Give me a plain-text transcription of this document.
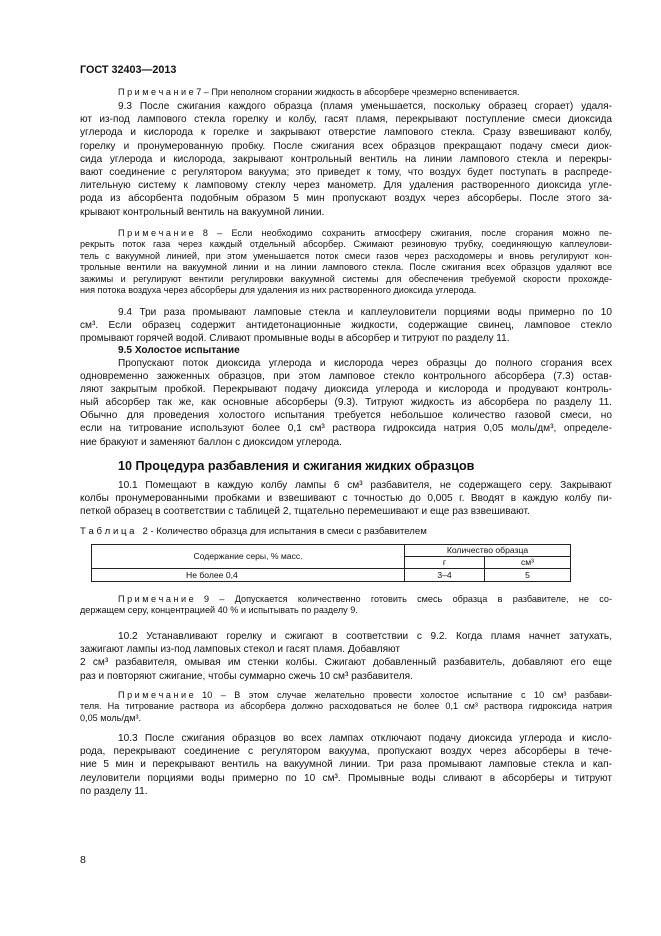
ГОСТ 32403—2013
П р и м е ч а н и е 7 – При неполном сгорании жидкость в абсорбере чрезмерно вспенивается.
9.3 После сжигания каждого образца (пламя уменьшается, поскольку образец сгорает) удаля-
ют из-под лампового стекла горелку и колбу, гасят пламя, перекрывают поступление смеси диоксида
углерода и кислорода к горелке и закрывают отверстие лампового стекла. Сразу взвешивают колбу,
горелку и пронумерованную пробку. После сжигания всех образцов прекращают подачу смеси диок-
сида углерода и кислорода, закрывают контрольный вентиль на линии лампового стекла и перекры-
вают соединение с регулятором вакуума; это приведет к тому, что воздух будет поступать в распреде-
лительную систему к ламповому стеклу через манометр. Для удаления растворенного диоксида угле-
рода из абсорбента подобным образом 5 мин пропускают воздух через абсорберы. После этого за-
крывают контрольный вентиль на вакуумной линии.
П р и м е ч а н и е 8 – Если необходимо сохранить атмосферу сжигания, после сгорания можно пе-
рекрыть поток газа через каждый отдельный абсорбер. Сжимают резиновую трубку, соединяющую каплеулови-
тель с вакуумной линией, при этом уменьшается поток смеси газов через расходомеры и вновь регулируют кон-
трольные вентили на вакуумной линии и на линии лампового стекла. После сжигания всех образцов удаляют все
зажимы и регулируют вентили регулировки вакуумной системы для обеспечения требуемой скорости прохожде-
ния потока воздуха через абсорберы для удаления из них растворенного диоксида углерода.
9.4 Три раза промывают ламповые стекла и каплеуловители порциями воды примерно по 10
см³. Если образец содержит антидетонационные жидкости, содержащие свинец, ламповое стекло
промывают горячей водой. Сливают промывные воды в абсорбер и титруют по разделу 11.
9.5 Холостое испытание
Пропускают поток диоксида углерода и кислорода через образцы до полного сгорания всех
одновременно зажженных образцов, при этом ламповое стекло контрольного абсорбера (7.3) остав-
ляют закрытым пробкой. Перекрывают подачу диоксида углерода и кислорода и продувают контроль-
ный абсорбер так же, как основные абсорберы (9.3). Титруют жидкость из абсорбера по разделу 11.
Обычно для проведения холостого испытания требуется небольшое количество газовой смеси, но
если на титрование используют более 0,1 см³ раствора гидроксида натрия 0,05 моль/дм³, определе-
ние бракуют и заменяют баллон с диоксидом углерода.
10 Процедура разбавления и сжигания жидких образцов
10.1 Помещают в каждую колбу лампы 6 см³ разбавителя, не содержащего серу. Закрывают
колбы пронумерованными пробками и взвешивают с точностью до 0,005 г. Вводят в каждую колбу пи-
петкой образец в соответствии с таблицей 2, тщательно перемешивают и еще раз взвешивают.
Т а б л и ц а 2 - Количество образца для испытания в смеси с разбавителем
Содержание серы, % масс.	Количество образца	
	г	см³
Не более 0,4	3–4	5
П р и м е ч а н и е 9 – Допускается количественно готовить смесь образца в разбавителе, не со-
держащем серу, концентрацией 40 % и испытывать по разделу 9.
10.2 Устанавливают горелку и сжигают в соответствии с 9.2. Когда пламя начнет затухать,
зажигают лампы из-под ламповых стекол и гасят пламя. Добавляют
2 см³ разбавителя, омывая им стенки колбы. Сжигают добавленный разбавитель, добавляют его еще
раз и повторяют сжигание, чтобы суммарно сжечь 10 см³ разбавителя.
П р и м е ч а н и е 10 – В этом случае желательно провести холостое испытание с 10 см³ разбави-
теля. На титрование раствора из абсорбера должно расходоваться не более 0,1 см³ раствора гидроксида натрия
0,05 моль/дм³.
10.3 После сжигания образцов во всех лампах отключают подачу диоксида углерода и кисло-
рода, перекрывают соединение с регулятором вакуума, пропускают воздух через абсорберы в тече-
ние 5 мин и перекрывают вентиль на вакуумной линии. Три раза промывают ламповые стекла и кап-
леуловители порциями воды примерно по 10 см³. Промывные воды сливают в абсорберы и титруют
по разделу 11.
8
